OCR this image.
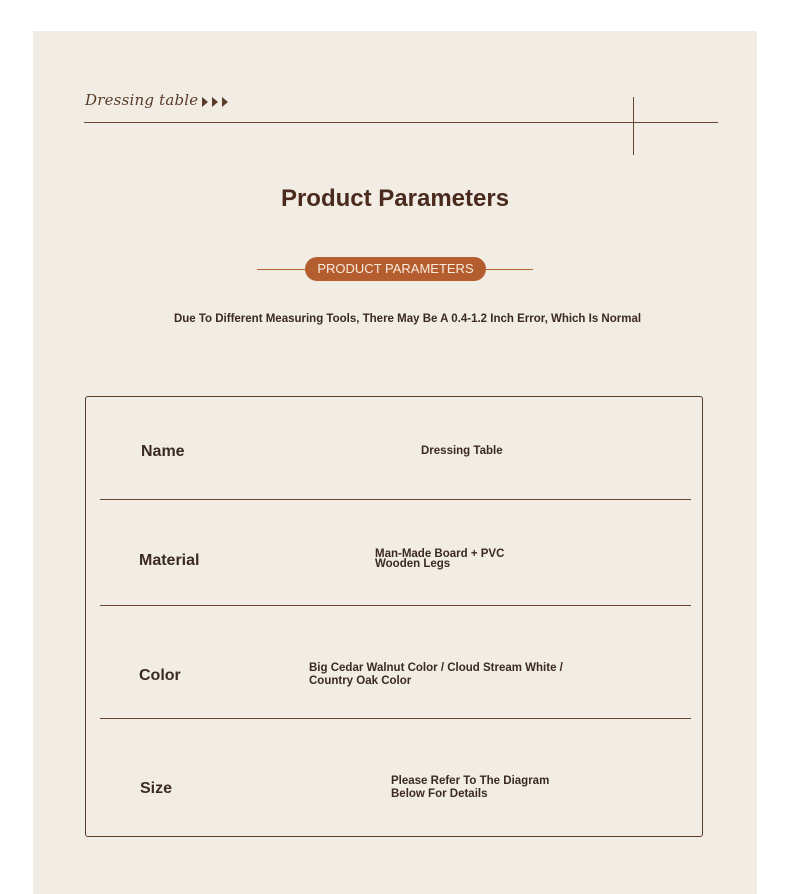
Dressing table
Product Parameters
PRODUCT PARAMETERS
Due To Different Measuring Tools, There May Be A 0.4-1.2 Inch Error, Which Is Normal
Name	Dressing Table
Material	Man-Made Board + PVC
Wooden Legs
Color	Big Cedar Walnut Color / Cloud Stream White /
Country Oak Color
Size	Please Refer To The Diagram
Below For Details
